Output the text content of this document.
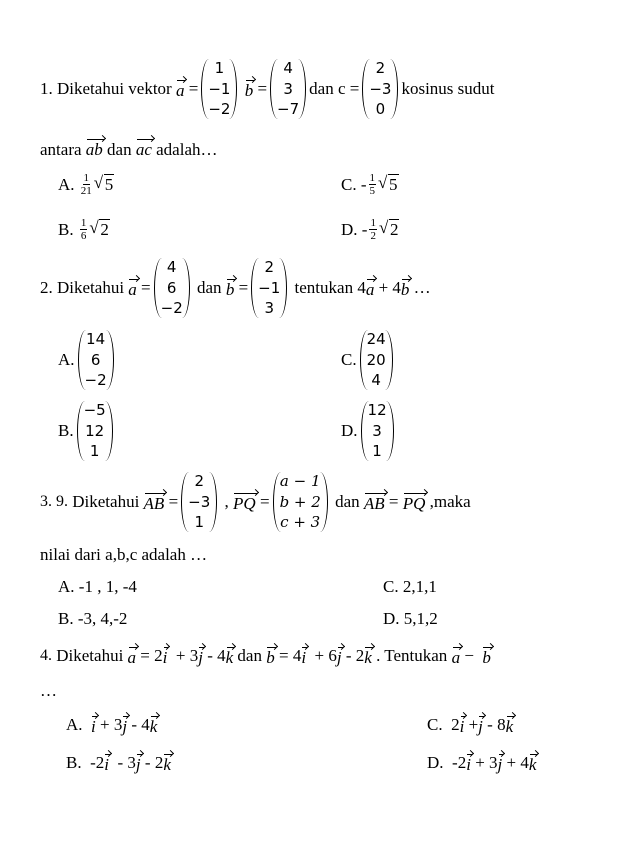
1.
Diketahui vektor
a =
1
−1
−2

b =
4
3
−7
dan c =
2
−3
0
kosinus sudut
antara ab dan ac adalah…
A.
$\frac{1}{21}$ √ 5
B.
$\frac{1}{6}$ √ 2
C.
- $\frac{1}{5}$ √ 5
D.
- $\frac{1}{2}$ √ 2
2.
Diketahui
a =
4
6
−2

dan
b =
2
−1
3

tentukan 4 a
+ 4 b
…
A.
14
6
−2
B.
−5
12
1
C.
24
20
4
D.
12
3
1
3. 9.
Diketahui
AB =
2
−3
1

,
PQ =
a − 1
b + 2
c + 3

dan
AB = PQ
,maka
nilai dari a,b,c adalah …
A. -1 , 1, -4
B. -3, 4,-2
C. 2,1,1
D. 5,1,2
4.
Diketahui
a = 2 i
+ 3 j
- 4 k
dan
b = 4 i
+ 6 j
- 2 k
. Tentukan
a
−
b
…
A.
i
+ 3 j
- 4 k
B.
-2 i
- 3 j
- 2 k
C.
2 i
+ j
- 8 k
D.
-2 i
+ 3 j
+ 4 k
